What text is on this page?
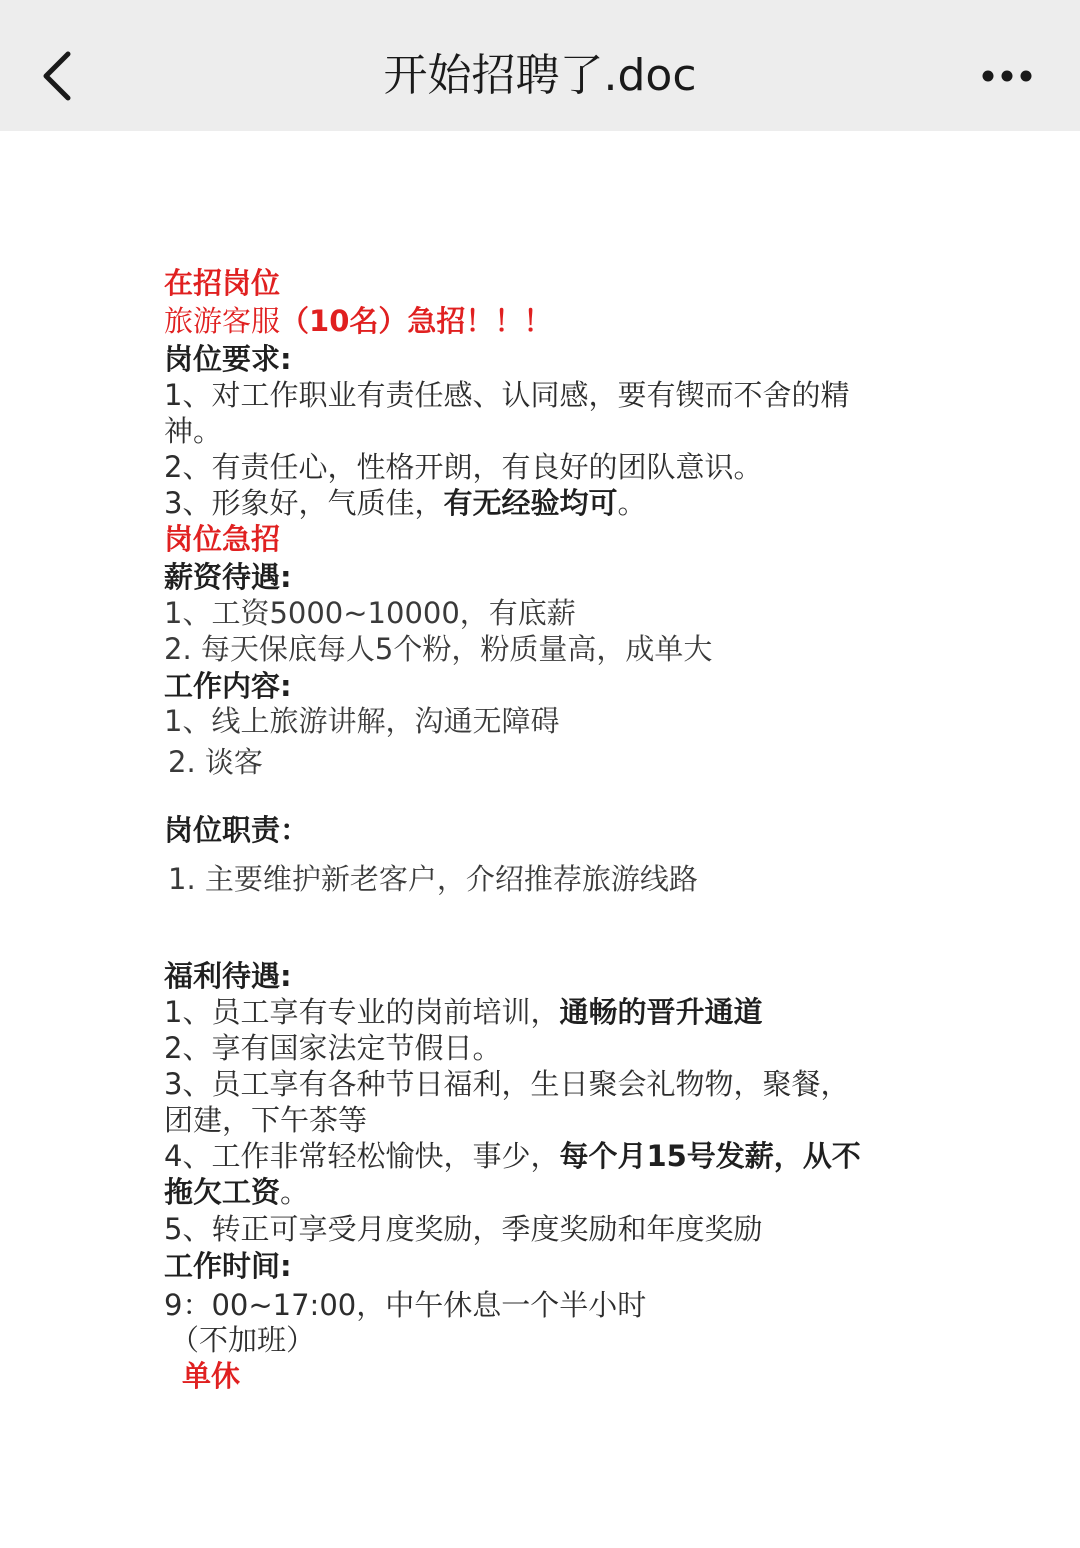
开始招聘了.doc
在招岗位
旅游客服（10名）急招！！！
岗位要求:
1、对工作职业有责任感、认同感，要有锲而不舍的精
神。
2、有责任心，性格开朗，有良好的团队意识。
3、形象好，气质佳，有无经验均可。
岗位急招
薪资待遇:
1、工资5000~10000，有底薪
2. 每天保底每人5个粉，粉质量高，成单大
工作内容:
1、线上旅游讲解，沟通无障碍
2. 谈客
岗位职责：
1. 主要维护新老客户，介绍推荐旅游线路
福利待遇:
1、员工享有专业的岗前培训，通畅的晋升通道
2、享有国家法定节假日。
3、员工享有各种节日福利，生日聚会礼物物，聚餐，
团建，下午茶等
4、工作非常轻松愉快，事少，每个月15号发薪，从不
拖欠工资。
5、转正可享受月度奖励，季度奖励和年度奖励
工作时间:
9：00~17:00，中午休息一个半小时
（不加班）
单休
